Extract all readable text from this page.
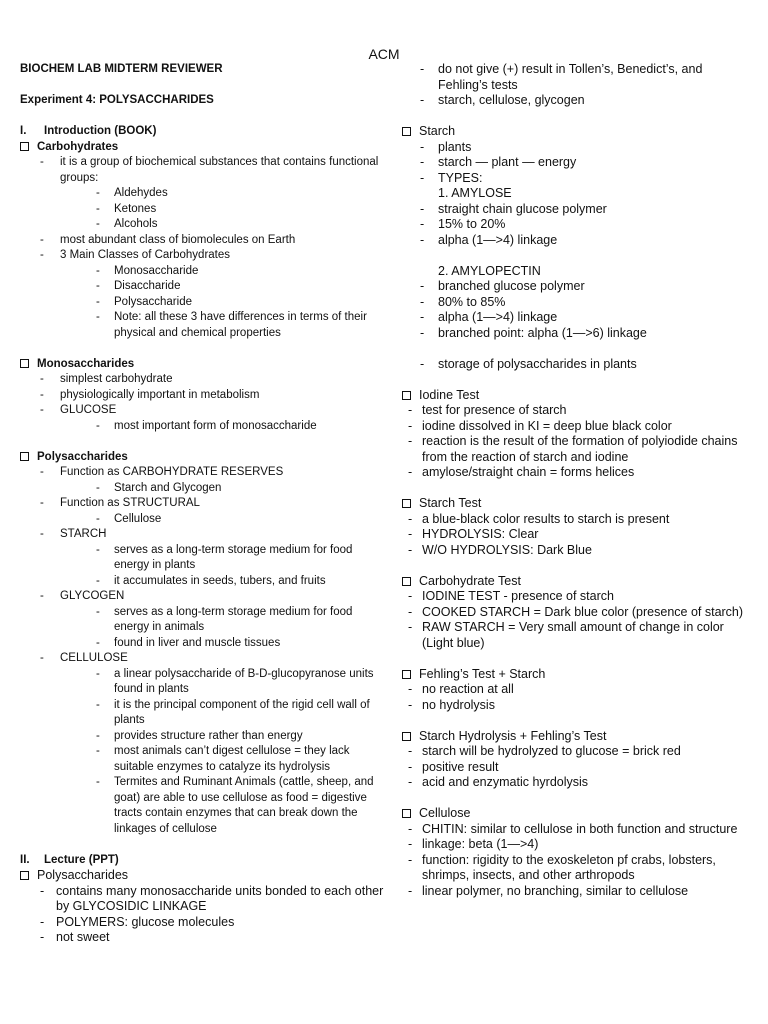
ACM
BIOCHEM LAB MIDTERM REVIEWER
Experiment 4: POLYSACCHARIDES
I. Introduction (BOOK)
Carbohydrates
- it is a group of biochemical substances that contains functional groups:
- Aldehydes
- Ketones
- Alcohols
- most abundant class of biomolecules on Earth
- 3 Main Classes of Carbohydrates
- Monosaccharide
- Disaccharide
- Polysaccharide
- Note: all these 3 have differences in terms of their physical and chemical properties
Monosaccharides
- simplest carbohydrate
- physiologically important in metabolism
- GLUCOSE
- most important form of monosaccharide
Polysaccharides
- Function as CARBOHYDRATE RESERVES
- Starch and Glycogen
- Function as STRUCTURAL
- Cellulose
- STARCH
- serves as a long-term storage medium for food energy in plants
- it accumulates in seeds, tubers, and fruits
- GLYCOGEN
- serves as a long-term storage medium for food energy in animals
- found in liver and muscle tissues
- CELLULOSE
- a linear polysaccharide of B-D-glucopyranose units found in plants
- it is the principal component of the rigid cell wall of plants
- provides structure rather than energy
- most animals can’t digest cellulose = they lack suitable enzymes to catalyze its hydrolysis
- Termites and Ruminant Animals (cattle, sheep, and goat) are able to use cellulose as food = digestive tracts contain enzymes that can break down the linkages of cellulose
II. Lecture (PPT)
Polysaccharides
- contains many monosaccharide units bonded to each other by GLYCOSIDIC LINKAGE
- POLYMERS: glucose molecules
- not sweet
- do not give (+) result in Tollen’s, Benedict’s, and Fehling’s tests
- starch, cellulose, glycogen
Starch
- plants
- starch — plant — energy
- TYPES:
1. AMYLOSE
- straight chain glucose polymer
- 15% to 20%
- alpha (1—>4) linkage
2. AMYLOPECTIN
- branched glucose polymer
- 80% to 85%
- alpha (1—>4) linkage
- branched point: alpha (1—>6) linkage
- storage of polysaccharides in plants
Iodine Test
- test for presence of starch
- iodine dissolved in KI = deep blue black color
- reaction is the result of the formation of polyiodide chains from the reaction of starch and iodine
- amylose/straight chain = forms helices
Starch Test
- a blue-black color results to starch is present
- HYDROLYSIS: Clear
- W/O HYDROLYSIS: Dark Blue
Carbohydrate Test
- IODINE TEST - presence of starch
- COOKED STARCH = Dark blue color (presence of starch)
- RAW STARCH = Very small amount of change in color (Light blue)
Fehling’s Test + Starch
- no reaction at all
- no hydrolysis
Starch Hydrolysis + Fehling’s Test
- starch will be hydrolyzed to glucose = brick red
- positive result
- acid and enzymatic hyrdolysis
Cellulose
- CHITIN: similar to cellulose in both function and structure
- linkage: beta (1—>4)
- function: rigidity to the exoskeleton pf crabs, lobsters, shrimps, insects, and other arthropods
- linear polymer, no branching, similar to cellulose
